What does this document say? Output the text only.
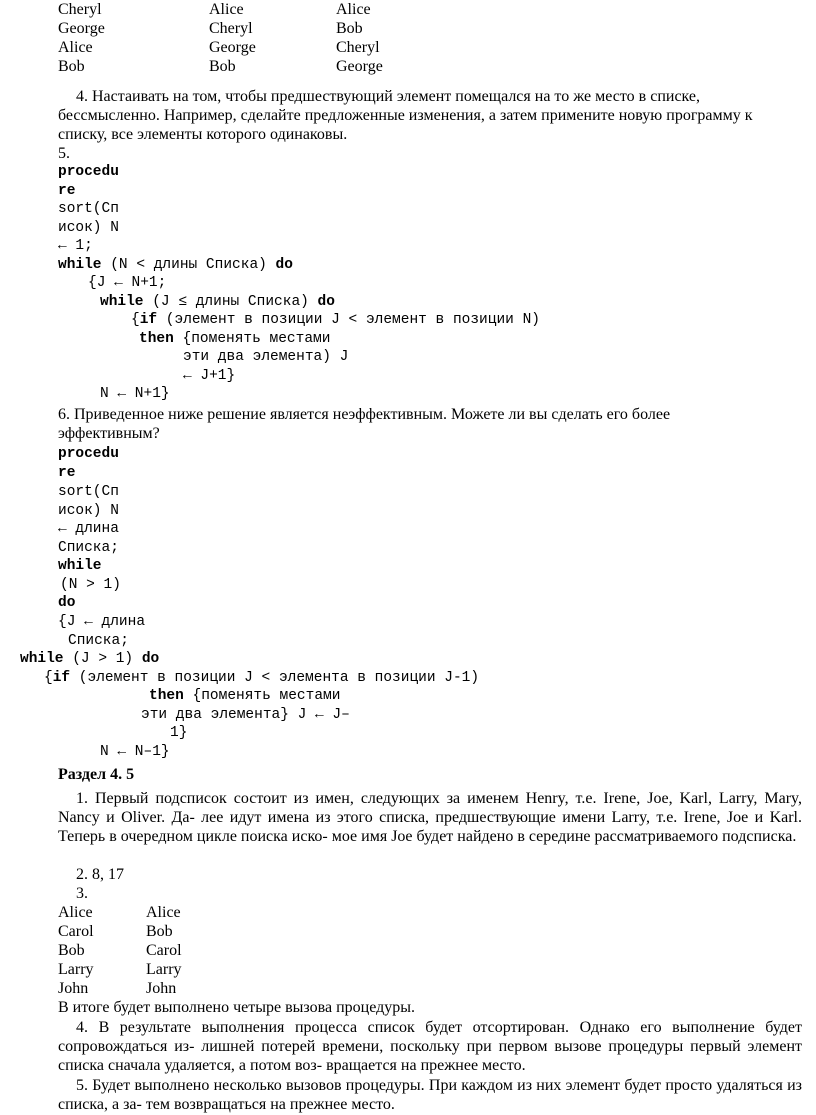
Cheryl
George
Alice
Bob
Alice
Cheryl
George
Bob
Alice
Bob
Cheryl
George
4. Настаивать на том, чтобы предшествующий элемент помещался на то же место в списке,
бессмысленно. Например, сделайте предложенные изменения, а затем примените новую программу к
списку, все элементы которого одинаковы.
5.
procedu
re
sort(Сп
исок) N
← 1;
while (N < длины Списка) do
{J ← N+1;
while (J ≤ длины Списка) do
{if (элемент в позиции J < элемент в позиции N)
then {поменять местами
эти два элемента) J
← J+1}
N ← N+1}
6. Приведенное ниже решение является неэффективным. Можете ли вы сделать его более
эффективным?
procedu
re
sort(Сп
исок) N
← длина
Списка;
while
(N > 1)
do
{J ← длина
Списка;
while (J > 1) do
{if (элемент в позиции J < элемента в позиции J-1)
then {поменять местами
эти два элемента} J ← J–
1}
N ← N–1}
Раздел 4. 5
1. Первый подсписок состоит из имен, следующих за именем Henry, т.е. Irene, Joe, Karl, Larry, Mary, Nancy и Oliver. Да- лее идут имена из этого списка, предшествующие имени Larry, т.е. Irene, Joe и Karl. Теперь в очередном цикле поиска иско- мое имя Joe будет найдено в середине рассматриваемого подсписка.
2. 8, 17
3.
Alice
Carol
Bob
Larry
John
Alice
Bob
Carol
Larry
John
В итоге будет выполнено четыре вызова процедуры.
4. В результате выполнения процесса список будет отсортирован. Однако его выполнение будет сопровождаться из- лишней потерей времени, поскольку при первом вызове процедуры первый элемент списка сначала удаляется, а потом воз- вращается на прежнее место.
5. Будет выполнено несколько вызовов процедуры. При каждом из них элемент будет просто удаляться из списка, а за- тем возвращаться на прежнее место.
